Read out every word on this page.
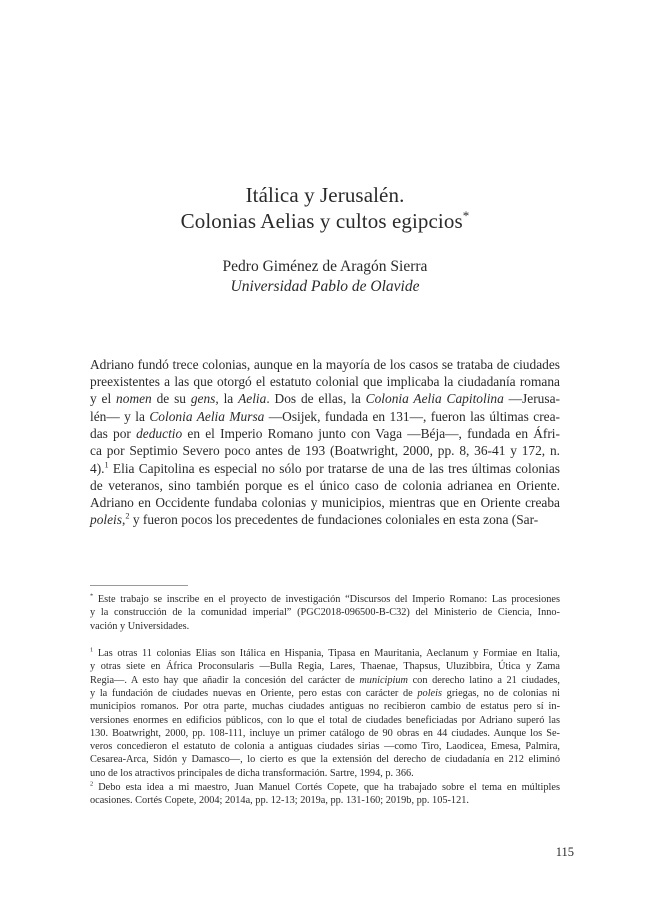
Itálica y Jerusalén.
Colonias Aelias y cultos egipcios*
Pedro Giménez de Aragón Sierra
Universidad Pablo de Olavide
Adriano fundó trece colonias, aunque en la mayoría de los casos se trataba de ciudades
preexistentes a las que otorgó el estatuto colonial que implicaba la ciudadanía romana
y el nomen de su gens, la Aelia. Dos de ellas, la Colonia Aelia Capitolina —Jerusa-
lén— y la Colonia Aelia Mursa —Osijek, fundada en 131—, fueron las últimas crea-
das por deductio en el Imperio Romano junto con Vaga —Béja—, fundada en Áfri-
ca por Septimio Severo poco antes de 193 (Boatwright, 2000, pp. 8, 36-41 y 172, n.
4).$^1$ Elia Capitolina es especial no sólo por tratarse de una de las tres últimas colonias
de veteranos, sino también porque es el único caso de colonia adrianea en Oriente.
Adriano en Occidente fundaba colonias y municipios, mientras que en Oriente creaba
poleis,$^2$ y fueron pocos los precedentes de fundaciones coloniales en esta zona (Sar-
* Este trabajo se inscribe en el proyecto de investigación “Discursos del Imperio Romano: Las procesiones
y la construcción de la comunidad imperial” (PGC2018-096500-B-C32) del Ministerio de Ciencia, Inno-
vación y Universidades.
$^1$ Las otras 11 colonias Elias son Itálica en Hispania, Tipasa en Mauritania, Aeclanum y Formiae en Italia,
y otras siete en África Proconsularis —Bulla Regia, Lares, Thaenae, Thapsus, Uluzibbira, Útica y Zama
Regia—. A esto hay que añadir la concesión del carácter de municipium con derecho latino a 21 ciudades,
y la fundación de ciudades nuevas en Oriente, pero estas con carácter de poleis griegas, no de colonias ni
municipios romanos. Por otra parte, muchas ciudades antiguas no recibieron cambio de estatus pero sí in-
versiones enormes en edificios públicos, con lo que el total de ciudades beneficiadas por Adriano superó las
130. Boatwright, 2000, pp. 108-111, incluye un primer catálogo de 90 obras en 44 ciudades. Aunque los Se-
veros concedieron el estatuto de colonia a antiguas ciudades sirias —como Tiro, Laodicea, Emesa, Palmira,
Cesarea-Arca, Sidón y Damasco—, lo cierto es que la extensión del derecho de ciudadanía en 212 eliminó
uno de los atractivos principales de dicha transformación. Sartre, 1994, p. 366.
$^2$ Debo esta idea a mi maestro, Juan Manuel Cortés Copete, que ha trabajado sobre el tema en múltiples
ocasiones. Cortés Copete, 2004; 2014a, pp. 12-13; 2019a, pp. 131-160; 2019b, pp. 105-121.
115
